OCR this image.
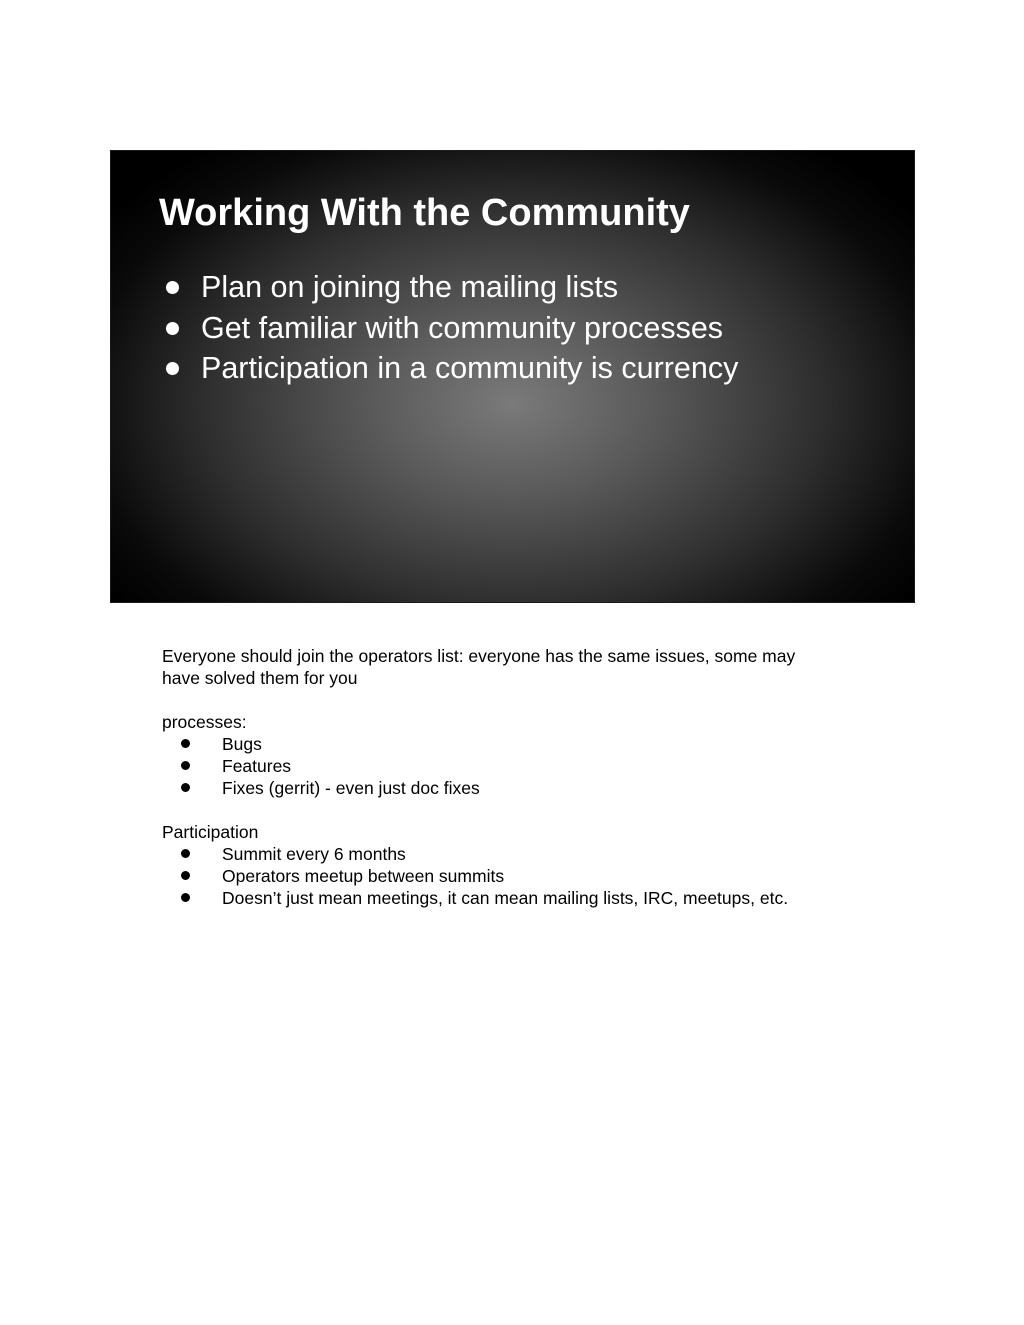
Working With the Community
Plan on joining the mailing lists
Get familiar with community processes
Participation in a community is currency

Everyone should join the operators list: everyone has the same issues, some may

have solved them for you

processes:

Bugs
Features
Fixes (gerrit) - even just doc fixes

Participation

Summit every 6 months
Operators meetup between summits
Doesn’t just mean meetings, it can mean mailing lists, IRC, meetups, etc.
